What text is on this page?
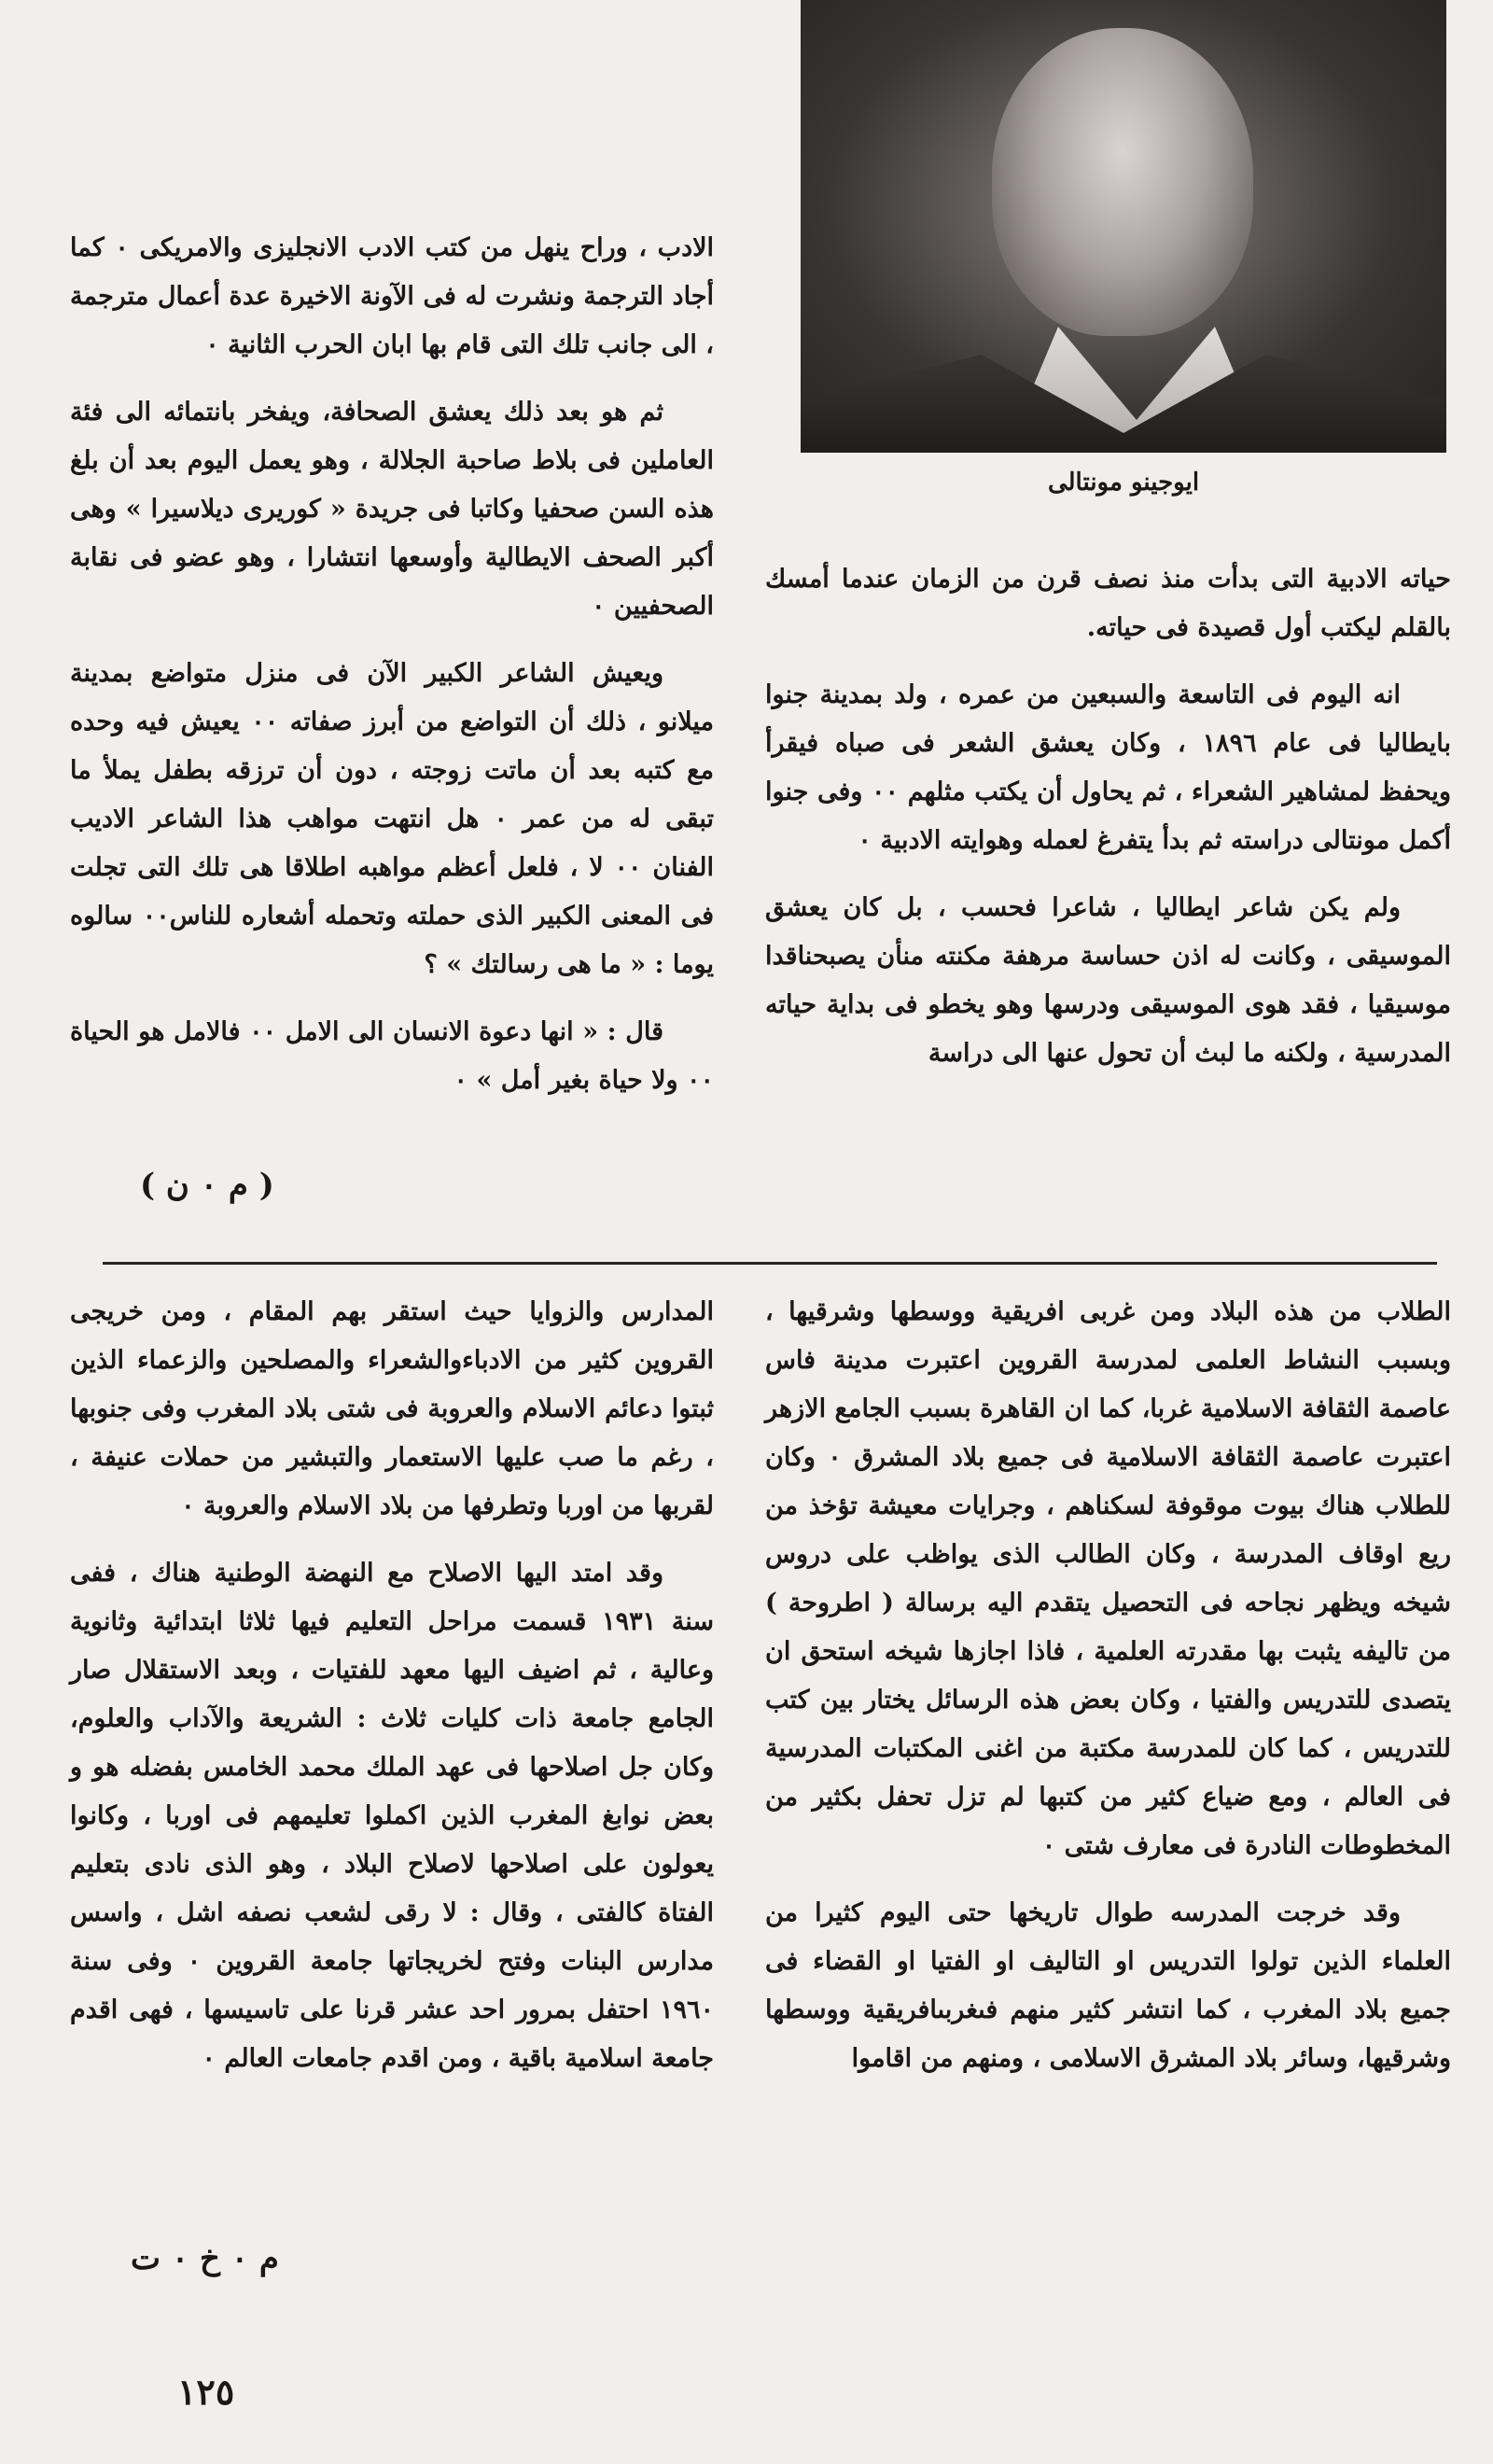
ايوجينو مونتالى

حياته الادبية التى بدأت منذ نصف قرن من الزمان عندما أمسك بالقلم ليكتب أول قصيدة فى حياته.

انه اليوم فى التاسعة والسبعين من عمره ، ولد بمدينة جنوا بايطاليا فى عام ١٨٩٦ ، وكان يعشق الشعر فى صباه فيقرأ ويحفظ لمشاهير الشعراء ، ثم يحاول أن يكتب مثلهم ٠٠ وفى جنوا أكمل مونتالى دراسته ثم بدأ يتفرغ لعمله وهوايته الادبية ٠

ولم يكن شاعر ايطاليا ، شاعرا فحسب ، بل كان يعشق الموسيقى ، وكانت له اذن حساسة مرهفة مكنته منأن يصبحناقدا موسيقيا ، فقد هوى الموسيقى ودرسها وهو يخطو فى بداية حياته المدرسية ، ولكنه ما لبث أن تحول عنها الى دراسة

الادب ، وراح ينهل من كتب الادب الانجليزى والامريكى ٠ كما أجاد الترجمة ونشرت له فى الآونة الاخيرة عدة أعمال مترجمة ، الى جانب تلك التى قام بها ابان الحرب الثانية ٠

ثم هو بعد ذلك يعشق الصحافة، ويفخر بانتمائه الى فئة العاملين فى بلاط صاحبة الجلالة ، وهو يعمل اليوم بعد أن بلغ هذه السن صحفيا وكاتبا فى جريدة « كوريرى ديلاسيرا » وهى أكبر الصحف الايطالية وأوسعها انتشارا ، وهو عضو فى نقابة الصحفيين ٠

ويعيش الشاعر الكبير الآن فى منزل متواضع بمدينة ميلانو ، ذلك أن التواضع من أبرز صفاته ٠٠ يعيش فيه وحده مع كتبه بعد أن ماتت زوجته ، دون أن ترزقه بطفل يملأ ما تبقى له من عمر ٠ هل انتهت مواهب هذا الشاعر الاديب الفنان ٠٠ لا ، فلعل أعظم مواهبه اطلاقا هى تلك التى تجلت فى المعنى الكبير الذى حملته وتحمله أشعاره للناس٠٠ سالوه يوما : « ما هى رسالتك » ؟

قال : « انها دعوة الانسان الى الامل ٠٠ فالامل هو الحياة ٠٠ ولا حياة بغير أمل » ٠

( م ٠ ن )

الطلاب من هذه البلاد ومن غربى افريقية ووسطها وشرقيها ، وبسبب النشاط العلمى لمدرسة القروين اعتبرت مدينة فاس عاصمة الثقافة الاسلامية غربا، كما ان القاهرة بسبب الجامع الازهر اعتبرت عاصمة الثقافة الاسلامية فى جميع بلاد المشرق ٠ وكان للطلاب هناك بيوت موقوفة لسكناهم ، وجرايات معيشة تؤخذ من ريع اوقاف المدرسة ، وكان الطالب الذى يواظب على دروس شيخه ويظهر نجاحه فى التحصيل يتقدم اليه برسالة ( اطروحة ) من تاليفه يثبت بها مقدرته العلمية ، فاذا اجازها شيخه استحق ان يتصدى للتدريس والفتيا ، وكان بعض هذه الرسائل يختار بين كتب للتدريس ، كما كان للمدرسة مكتبة من اغنى المكتبات المدرسية فى العالم ، ومع ضياع كثير من كتبها لم تزل تحفل بكثير من المخطوطات النادرة فى معارف شتى ٠

وقد خرجت المدرسه طوال تاريخها حتى اليوم كثيرا من العلماء الذين تولوا التدريس او التاليف او الفتيا او القضاء فى جميع بلاد المغرب ، كما انتشر كثير منهم فىغربىافريقية ووسطها وشرقيها، وسائر بلاد المشرق الاسلامى ، ومنهم من اقاموا

المدارس والزوايا حيث استقر بهم المقام ، ومن خريجى القروين كثير من الادباءوالشعراء والمصلحين والزعماء الذين ثبتوا دعائم الاسلام والعروبة فى شتى بلاد المغرب وفى جنوبها ، رغم ما صب عليها الاستعمار والتبشير من حملات عنيفة ، لقربها من اوربا وتطرفها من بلاد الاسلام والعروبة ٠

وقد امتد اليها الاصلاح مع النهضة الوطنية هناك ، ففى سنة ١٩٣١ قسمت مراحل التعليم فيها ثلاثا ابتدائية وثانوية وعالية ، ثم اضيف اليها معهد للفتيات ، وبعد الاستقلال صار الجامع جامعة ذات كليات ثلاث : الشريعة والآداب والعلوم، وكان جل اصلاحها فى عهد الملك محمد الخامس بفضله هو و بعض نوابغ المغرب الذين اكملوا تعليمهم فى اوربا ، وكانوا يعولون على اصلاحها لاصلاح البلاد ، وهو الذى نادى بتعليم الفتاة كالفتى ، وقال : لا رقى لشعب نصفه اشل ، واسس مدارس البنات وفتح لخريجاتها جامعة القروين ٠ وفى سنة ١٩٦٠ احتفل بمرور احد عشر قرنا على تاسيسها ، فهى اقدم جامعة اسلامية باقية ، ومن اقدم جامعات العالم ٠

م ٠ خ ٠ ت
١٢٥
